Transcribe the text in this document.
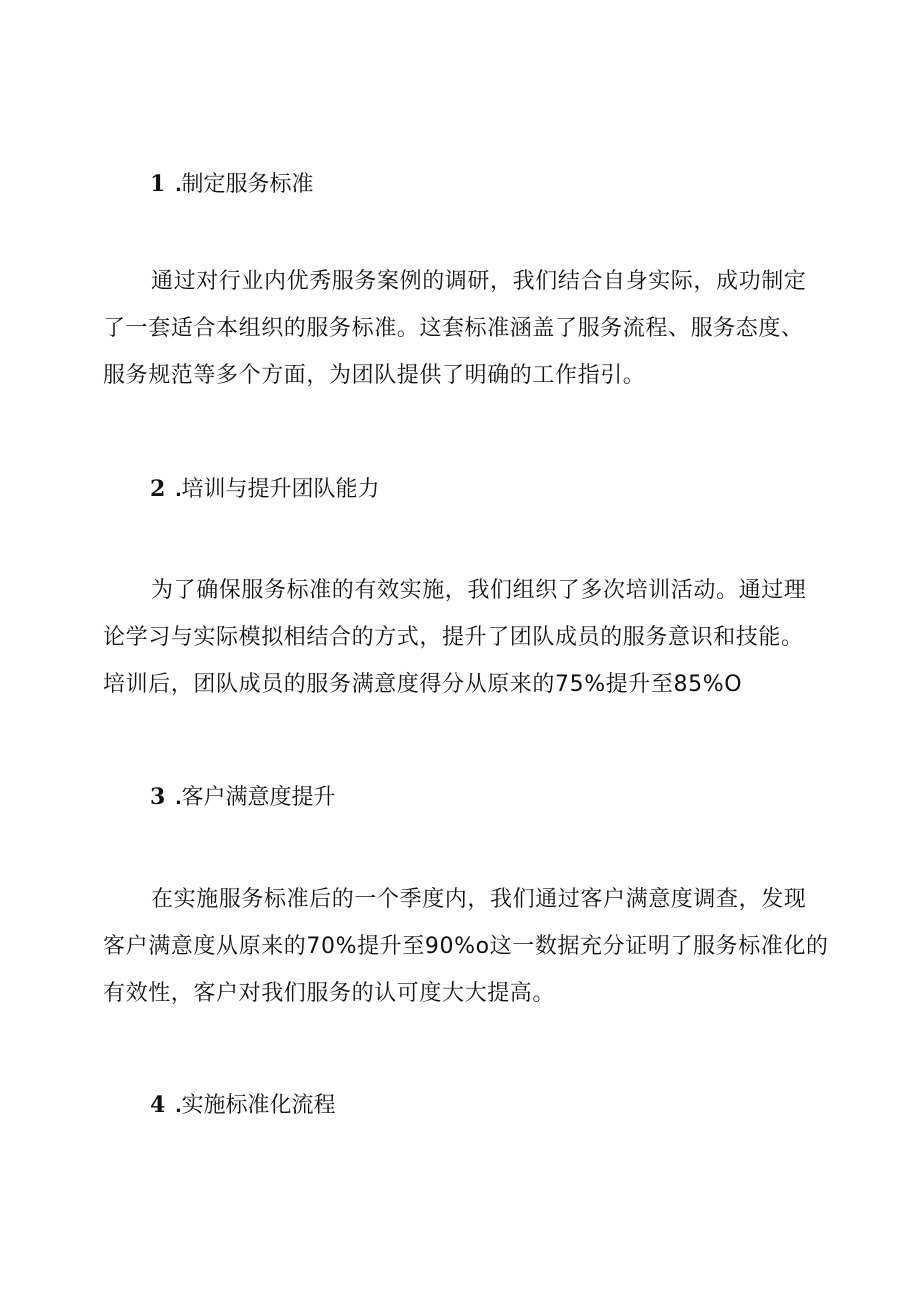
1 .制定服务标准
通过对行业内优秀服务案例的调研，我们结合自身实际，成功制定
了一套适合本组织的服务标准。这套标准涵盖了服务流程、服务态度、
服务规范等多个方面，为团队提供了明确的工作指引。
2 .培训与提升团队能力
为了确保服务标准的有效实施，我们组织了多次培训活动。通过理
论学习与实际模拟相结合的方式，提升了团队成员的服务意识和技能。
培训后，团队成员的服务满意度得分从原来的75%提升至85%O
3 .客户满意度提升
在实施服务标准后的一个季度内，我们通过客户满意度调查，发现
客户满意度从原来的70%提升至90%o这一数据充分证明了服务标准化的
有效性，客户对我们服务的认可度大大提高。
4 .实施标准化流程
